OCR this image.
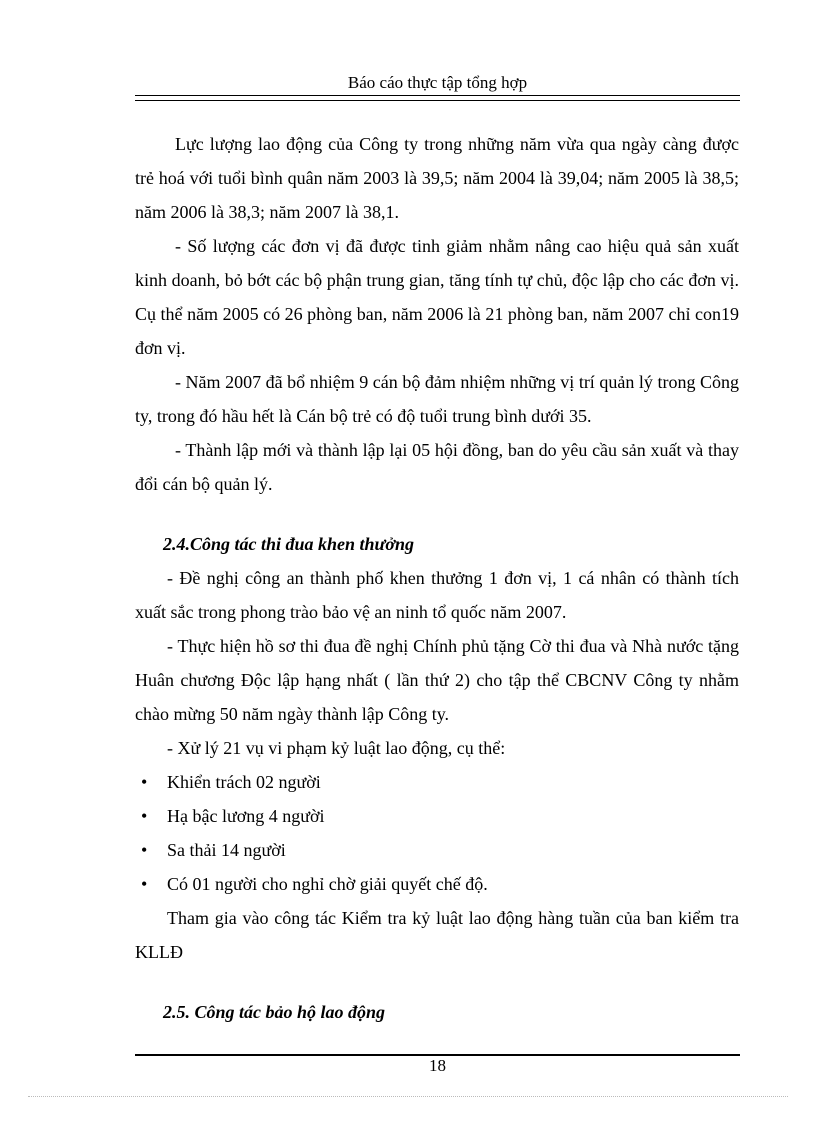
Báo cáo thực tập tổng hợp

Lực lượng lao động của Công ty trong những năm vừa qua ngày càng được trẻ hoá với tuổi bình quân năm 2003 là 39,5; năm 2004 là 39,04; năm 2005 là 38,5; năm 2006 là 38,3; năm 2007 là 38,1.

- Số lượng các đơn vị đã được tinh giảm nhằm nâng cao hiệu quả sản xuất kinh doanh, bỏ bớt các bộ phận trung gian, tăng tính tự chủ, độc lập cho các đơn vị. Cụ thể năm 2005 có 26 phòng ban, năm 2006 là 21 phòng ban, năm 2007 chỉ con19 đơn vị.

- Năm 2007 đã bổ nhiệm 9 cán bộ đảm nhiệm những vị trí quản lý trong Công ty, trong đó hầu hết là Cán bộ trẻ có độ tuổi trung bình dưới 35.

- Thành lập mới và thành lập lại 05 hội đồng, ban do yêu cầu sản xuất và thay đổi cán bộ quản lý.

2.4.Công tác thi đua khen thưởng

- Đề nghị công an thành phố khen thưởng 1 đơn vị, 1 cá nhân có thành tích xuất sắc trong phong trào bảo vệ an ninh tổ quốc năm 2007.

- Thực hiện hồ sơ thi đua đề nghị Chính phủ tặng Cờ thi đua và Nhà nước tặng Huân chương Độc lập hạng nhất ( lần thứ 2) cho tập thể CBCNV Công ty nhằm chào mừng 50 năm ngày thành lập Công ty.

- Xử lý 21 vụ vi phạm kỷ luật lao động, cụ thể:

•	Khiển trách 02 người

•	Hạ bậc lương 4 người

•	Sa thải 14 người

•	Có 01 người cho nghỉ chờ giải quyết chế độ.

Tham gia vào công tác Kiểm tra kỷ luật lao động hàng tuần của ban kiểm tra KLLĐ

2.5. Công tác bảo hộ lao động

18
